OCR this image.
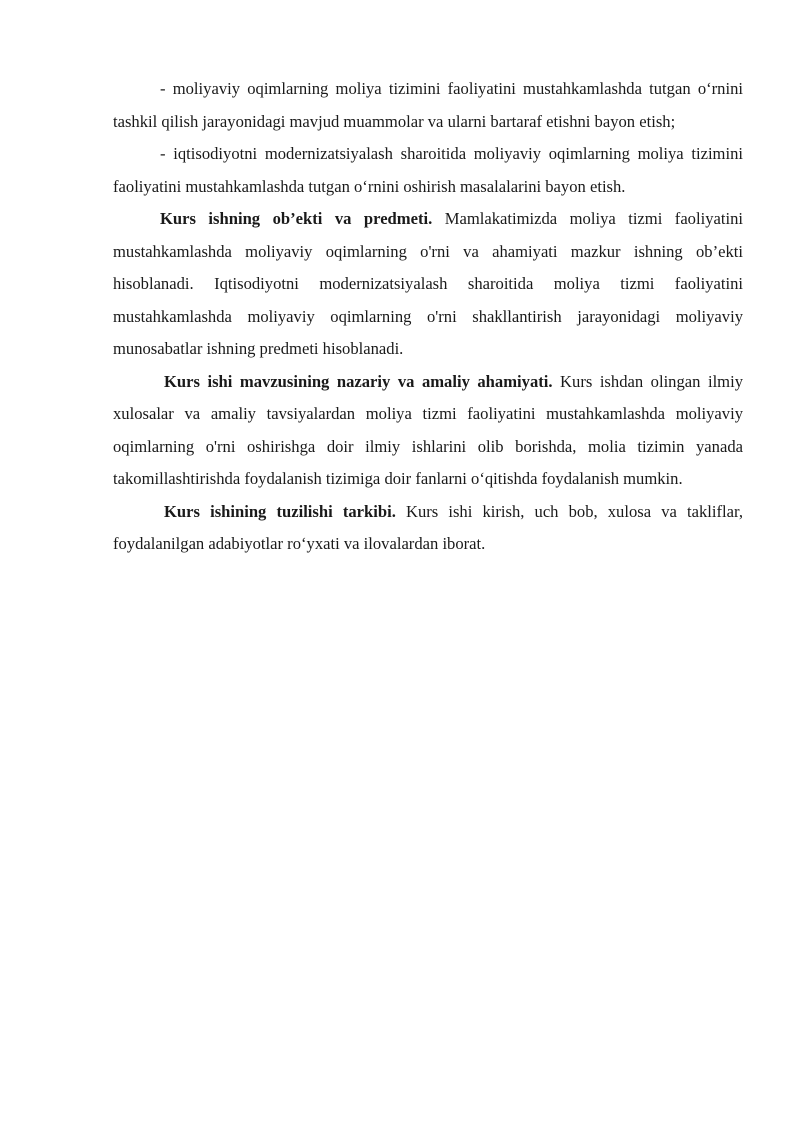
- moliyaviy oqimlarning moliya tizimini faoliyatini mustahkamlashda tutgan o‘rnini tashkil qilish jarayonidagi mavjud muammolar va ularni bartaraf etishni bayon etish;

- iqtisodiyotni modernizatsiyalash sharoitida moliyaviy oqimlarning moliya tizimini faoliyatini mustahkamlashda tutgan o‘rnini oshirish masalalarini bayon etish.

Kurs ishning ob’ekti va predmeti. Mamlakatimizda moliya tizmi faoliyatini mustahkamlashda moliyaviy oqimlarning o'rni va ahamiyati mazkur ishning ob’ekti hisoblanadi. Iqtisodiyotni modernizatsiyalash sharoitida moliya tizmi faoliyatini mustahkamlashda moliyaviy oqimlarning o'rni shakllantirish jarayonidagi moliyaviy munosabatlar ishning predmeti hisoblanadi.

Kurs ishi mavzusining nazariy va amaliy ahamiyati. Kurs ishdan olingan ilmiy xulosalar va amaliy tavsiyalardan moliya tizmi faoliyatini mustahkamlashda moliyaviy oqimlarning o'rni oshirishga doir ilmiy ishlarini olib borishda, molia tizimin yanada takomillashtirishda foydalanish tizimiga doir fanlarni o‘qitishda foydalanish mumkin.

Kurs ishining tuzilishi tarkibi. Kurs ishi kirish, uch bob, xulosa va takliflar, foydalanilgan adabiyotlar ro‘yxati va ilovalardan iborat.
